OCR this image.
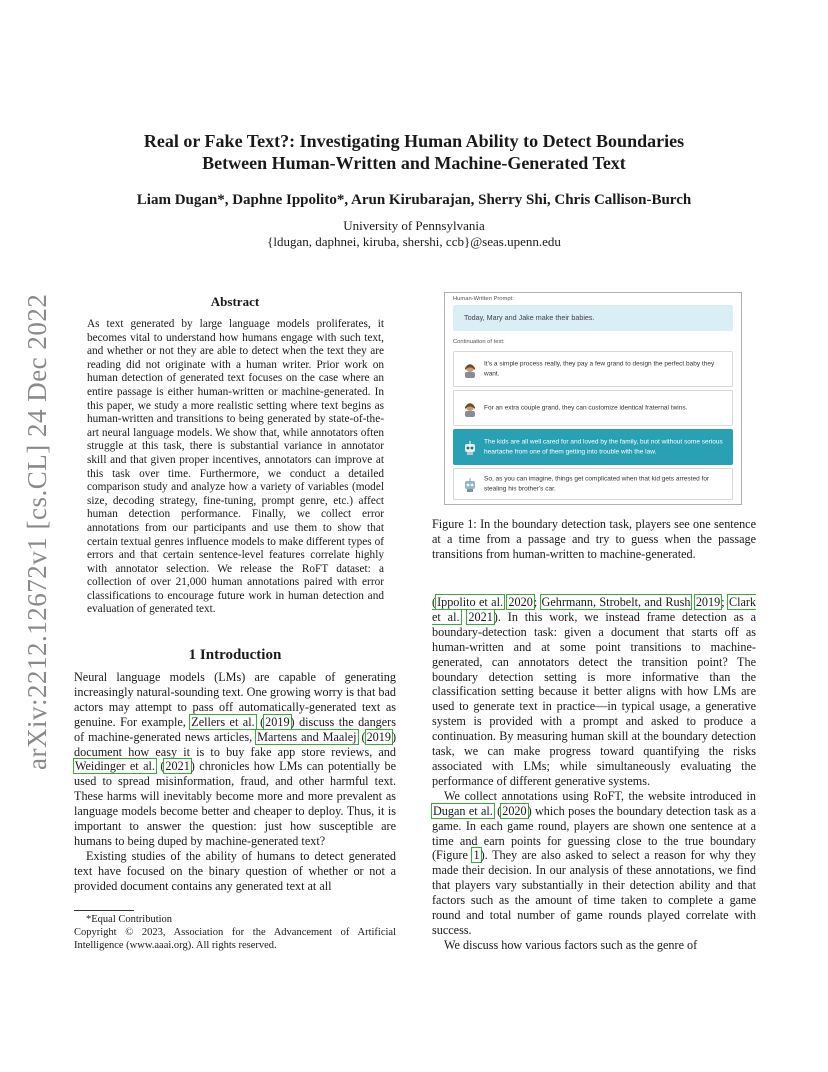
arXiv:2212.12672v1 [cs.CL] 24 Dec 2022
Real or Fake Text?: Investigating Human Ability to Detect Boundaries
Between Human-Written and Machine-Generated Text
Liam Dugan*, Daphne Ippolito*, Arun Kirubarajan, Sherry Shi, Chris Callison-Burch
University of Pennsylvania
{ldugan, daphnei, kiruba, shershi, ccb}@seas.upenn.edu
Abstract
As text generated by large language models proliferates, it becomes vital to understand how humans engage with such text, and whether or not they are able to detect when the text they are reading did not originate with a human writer. Prior work on human detection of generated text focuses on the case where an entire passage is either human-written or machine-generated. In this paper, we study a more realistic setting where text begins as human-written and transitions to being generated by state-of-the-art neural language models. We show that, while annotators often struggle at this task, there is substantial variance in annotator skill and that given proper incentives, annotators can improve at this task over time. Furthermore, we conduct a detailed comparison study and analyze how a variety of variables (model size, decoding strategy, fine-tuning, prompt genre, etc.) affect human detection performance. Finally, we collect error annotations from our participants and use them to show that certain textual genres influence models to make different types of errors and that certain sentence-level features correlate highly with annotator selection. We release the RoFT dataset: a collection of over 21,000 human annotations paired with error classifications to encourage future work in human detection and evaluation of generated text.
1 Introduction

Neural language models (LMs) are capable of generating increasingly natural-sounding text. One growing worry is that bad actors may attempt to pass off automatically-generated text as genuine. For example, Zellers et al. (2019) discuss the dangers of machine-generated news articles, Martens and Maalej (2019) document how easy it is to buy fake app store reviews, and Weidinger et al. (2021) chronicles how LMs can potentially be used to spread misinformation, fraud, and other harmful text. These harms will inevitably become more and more prevalent as language models become better and cheaper to deploy. Thus, it is important to answer the question: just how susceptible are humans to being duped by machine-generated text?

Existing studies of the ability of humans to detect generated text have focused on the binary question of whether or not a provided document contains any generated text at all

*Equal Contribution

Copyright © 2023, Association for the Advancement of Artificial Intelligence (www.aaai.org). All rights reserved.

Human-Written Prompt:
Today, Mary and Jake make their babies.
Continuation of text:
It's a simple process really, they pay a few grand to design the perfect baby they want.
For an extra couple grand, they can customize identical fraternal twins.
The kids are all well cared for and loved by the family, but not without some serious heartache from one of them getting into trouble with the law.
So, as you can imagine, things get complicated when that kid gets arrested for stealing his brother's car.
Figure 1: In the boundary detection task, players see one sentence at a time from a passage and try to guess when the passage transitions from human-written to machine-generated.

(Ippolito et al. 2020; Gehrmann, Strobelt, and Rush 2019; Clark et al. 2021). In this work, we instead frame detection as a boundary-detection task: given a document that starts off as human-written and at some point transitions to machine-generated, can annotators detect the transition point? The boundary detection setting is more informative than the classification setting because it better aligns with how LMs are used to generate text in practice—in typical usage, a generative system is provided with a prompt and asked to produce a continuation. By measuring human skill at the boundary detection task, we can make progress toward quantifying the risks associated with LMs; while simultaneously evaluating the performance of different generative systems.

We collect annotations using RoFT, the website introduced in Dugan et al. (2020) which poses the boundary detection task as a game. In each game round, players are shown one sentence at a time and earn points for guessing close to the true boundary (Figure 1). They are also asked to select a reason for why they made their decision. In our analysis of these annotations, we find that players vary substantially in their detection ability and that factors such as the amount of time taken to complete a game round and total number of game rounds played correlate with success.

We discuss how various factors such as the genre of
